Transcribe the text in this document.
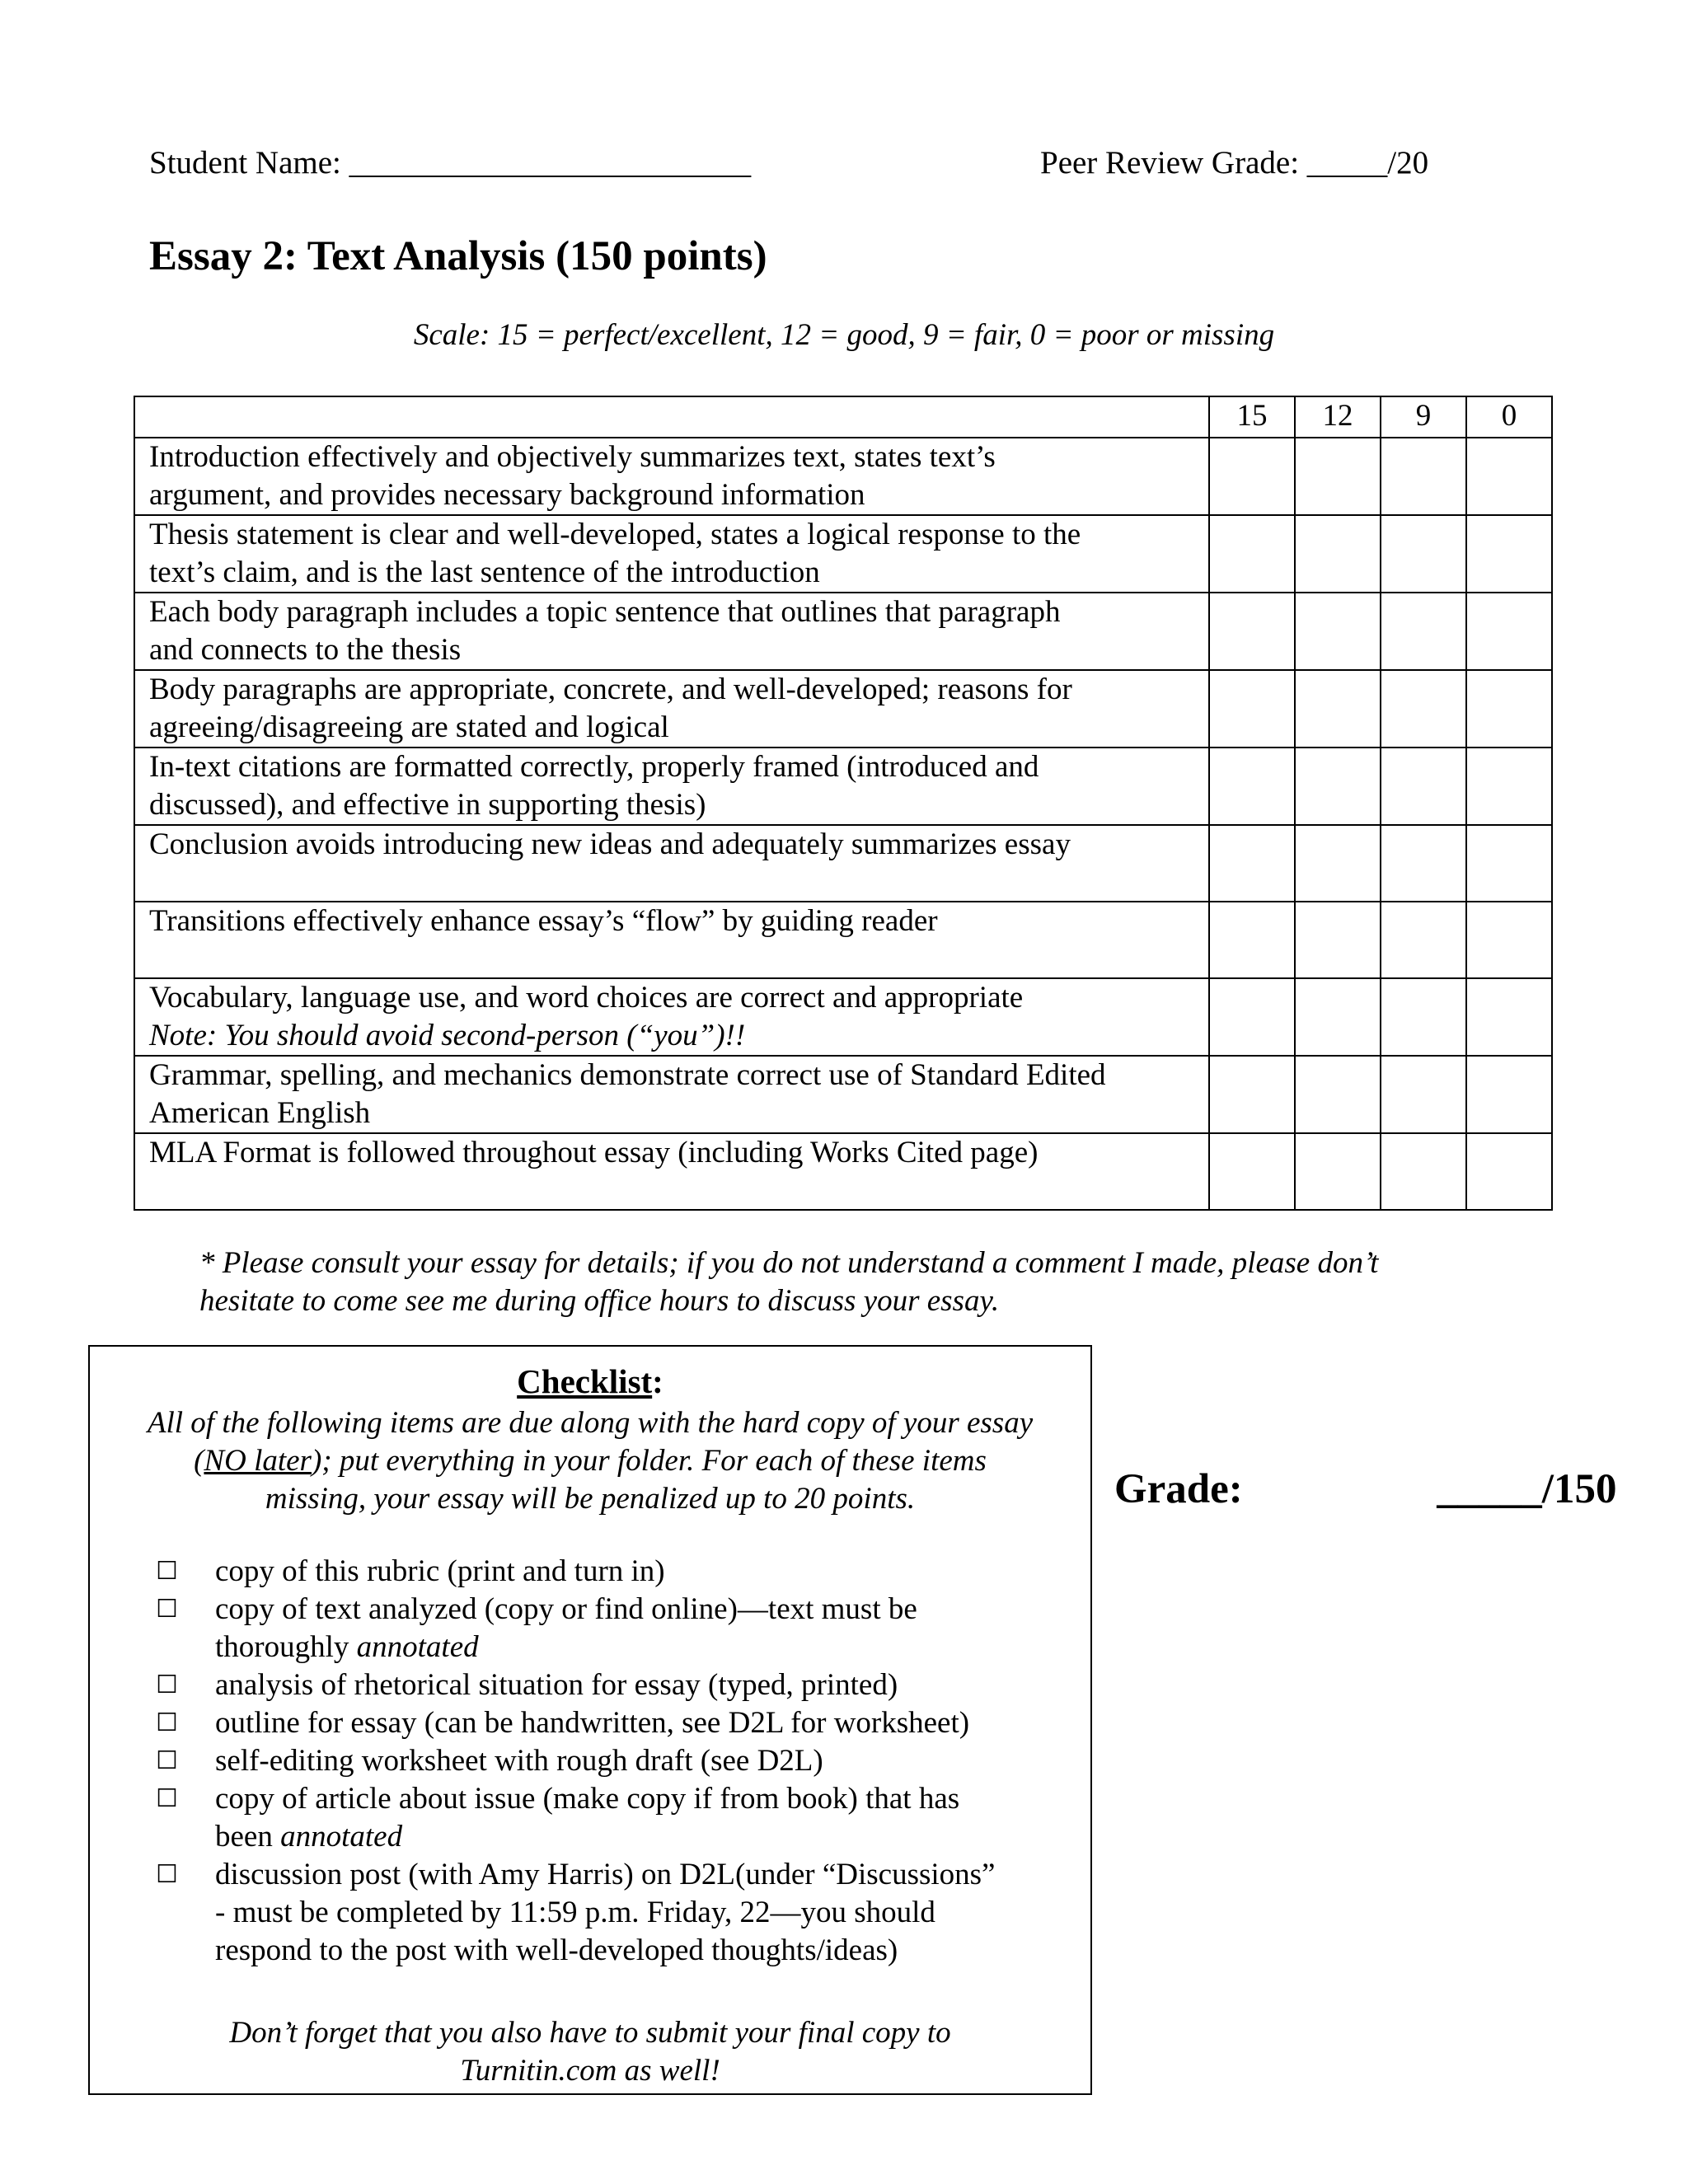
Student Name: _________________________	Peer Review Grade: _____/20
Essay 2: Text Analysis (150 points)
Scale: 15 = perfect/excellent, 12 = good, 9 = fair, 0 = poor or missing
	15	12	9	0

Introduction effectively and objectively summarizes text, states text’s
argument, and provides necessary background information				

Thesis statement is clear and well-developed, states a logical response to the
text’s claim, and is the last sentence of the introduction				

Each body paragraph includes a topic sentence that outlines that paragraph
and connects to the thesis				

Body paragraphs are appropriate, concrete, and well-developed; reasons for
agreeing/disagreeing are stated and logical				

In-text citations are formatted correctly, properly framed (introduced and
discussed), and effective in supporting thesis)				

Conclusion avoids introducing new ideas and adequately summarizes essay				

Transitions effectively enhance essay’s “flow” by guiding reader				

Vocabulary, language use, and word choices are correct and appropriate
Note: You should avoid second-person (“you”)!!				

Grammar, spelling, and mechanics demonstrate correct use of Standard Edited
American English				

MLA Format is followed throughout essay (including Works Cited page)				

* Please consult your essay for details; if you do not understand a comment I made, please don’t
hesitate to come see me during office hours to discuss your essay.
Checklist:
All of the following items are due along with the hard copy of your essay
(NO later); put everything in your folder. For each of these items
missing, your essay will be penalized up to 20 points.
☐ copy of this rubric (print and turn in)
☐ copy of text analyzed (copy or find online)—text must be
thoroughly annotated
☐ analysis of rhetorical situation for essay (typed, printed)
☐ outline for essay (can be handwritten, see D2L for worksheet)
☐ self-editing worksheet with rough draft (see D2L)
☐ copy of article about issue (make copy if from book) that has
been annotated
☐ discussion post (with Amy Harris) on D2L(under “Discussions”
- must be completed by 11:59 p.m. Friday, 22—you should
respond to the post with well-developed thoughts/ideas)
Don’t forget that you also have to submit your final copy to
Turnitin.com as well!
Grade:	_____/150
